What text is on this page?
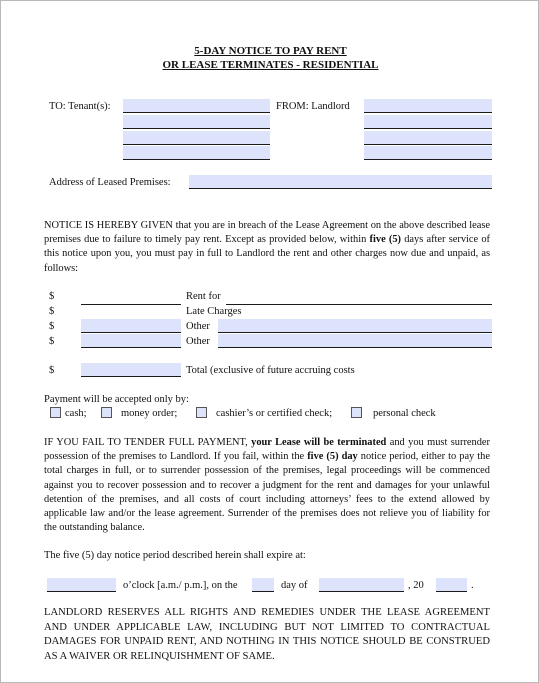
5-DAY NOTICE TO PAY RENT
OR LEASE TERMINATES - RESIDENTIAL
TO: Tenant(s):	FROM: Landlord
Address of Leased Premises:
NOTICE IS HEREBY GIVEN that you are in breach of the Lease Agreement on the above described lease premises due to failure to timely pay rent. Except as provided below, within five (5) days after service of this notice upon you, you must pay in full to Landlord the rent and other charges now due and unpaid, as follows:
$	Rent for
$	Late Charges
$	Other
$	Other
$	Total (exclusive of future accruing costs
Payment will be accepted only by:
cash;	money order;	cashier’s or certified check;	personal check
IF YOU FAIL TO TENDER FULL PAYMENT, your Lease will be terminated and you must surrender possession of the premises to Landlord. If you fail, within the five (5) day notice period, either to pay the total charges in full, or to surrender possession of the premises, legal proceedings will be commenced against you to recover possession and to recover a judgment for the rent and damages for your unlawful detention of the premises, and all costs of court including attorneys’ fees to the extend allowed by applicable law and/or the lease agreement. Surrender of the premises does not relieve you of liability for the outstanding balance.
The five (5) day notice period described herein shall expire at:
o’clock [a.m./ p.m.], on the	day of	, 20	.
LANDLORD RESERVES ALL RIGHTS AND REMEDIES UNDER THE LEASE AGREEMENT AND UNDER APPLICABLE LAW, INCLUDING BUT NOT LIMITED TO CONTRACTUAL DAMAGES FOR UNPAID RENT, AND NOTHING IN THIS NOTICE SHOULD BE CONSTRUED AS A WAIVER OR RELINQUISHMENT OF SAME.
